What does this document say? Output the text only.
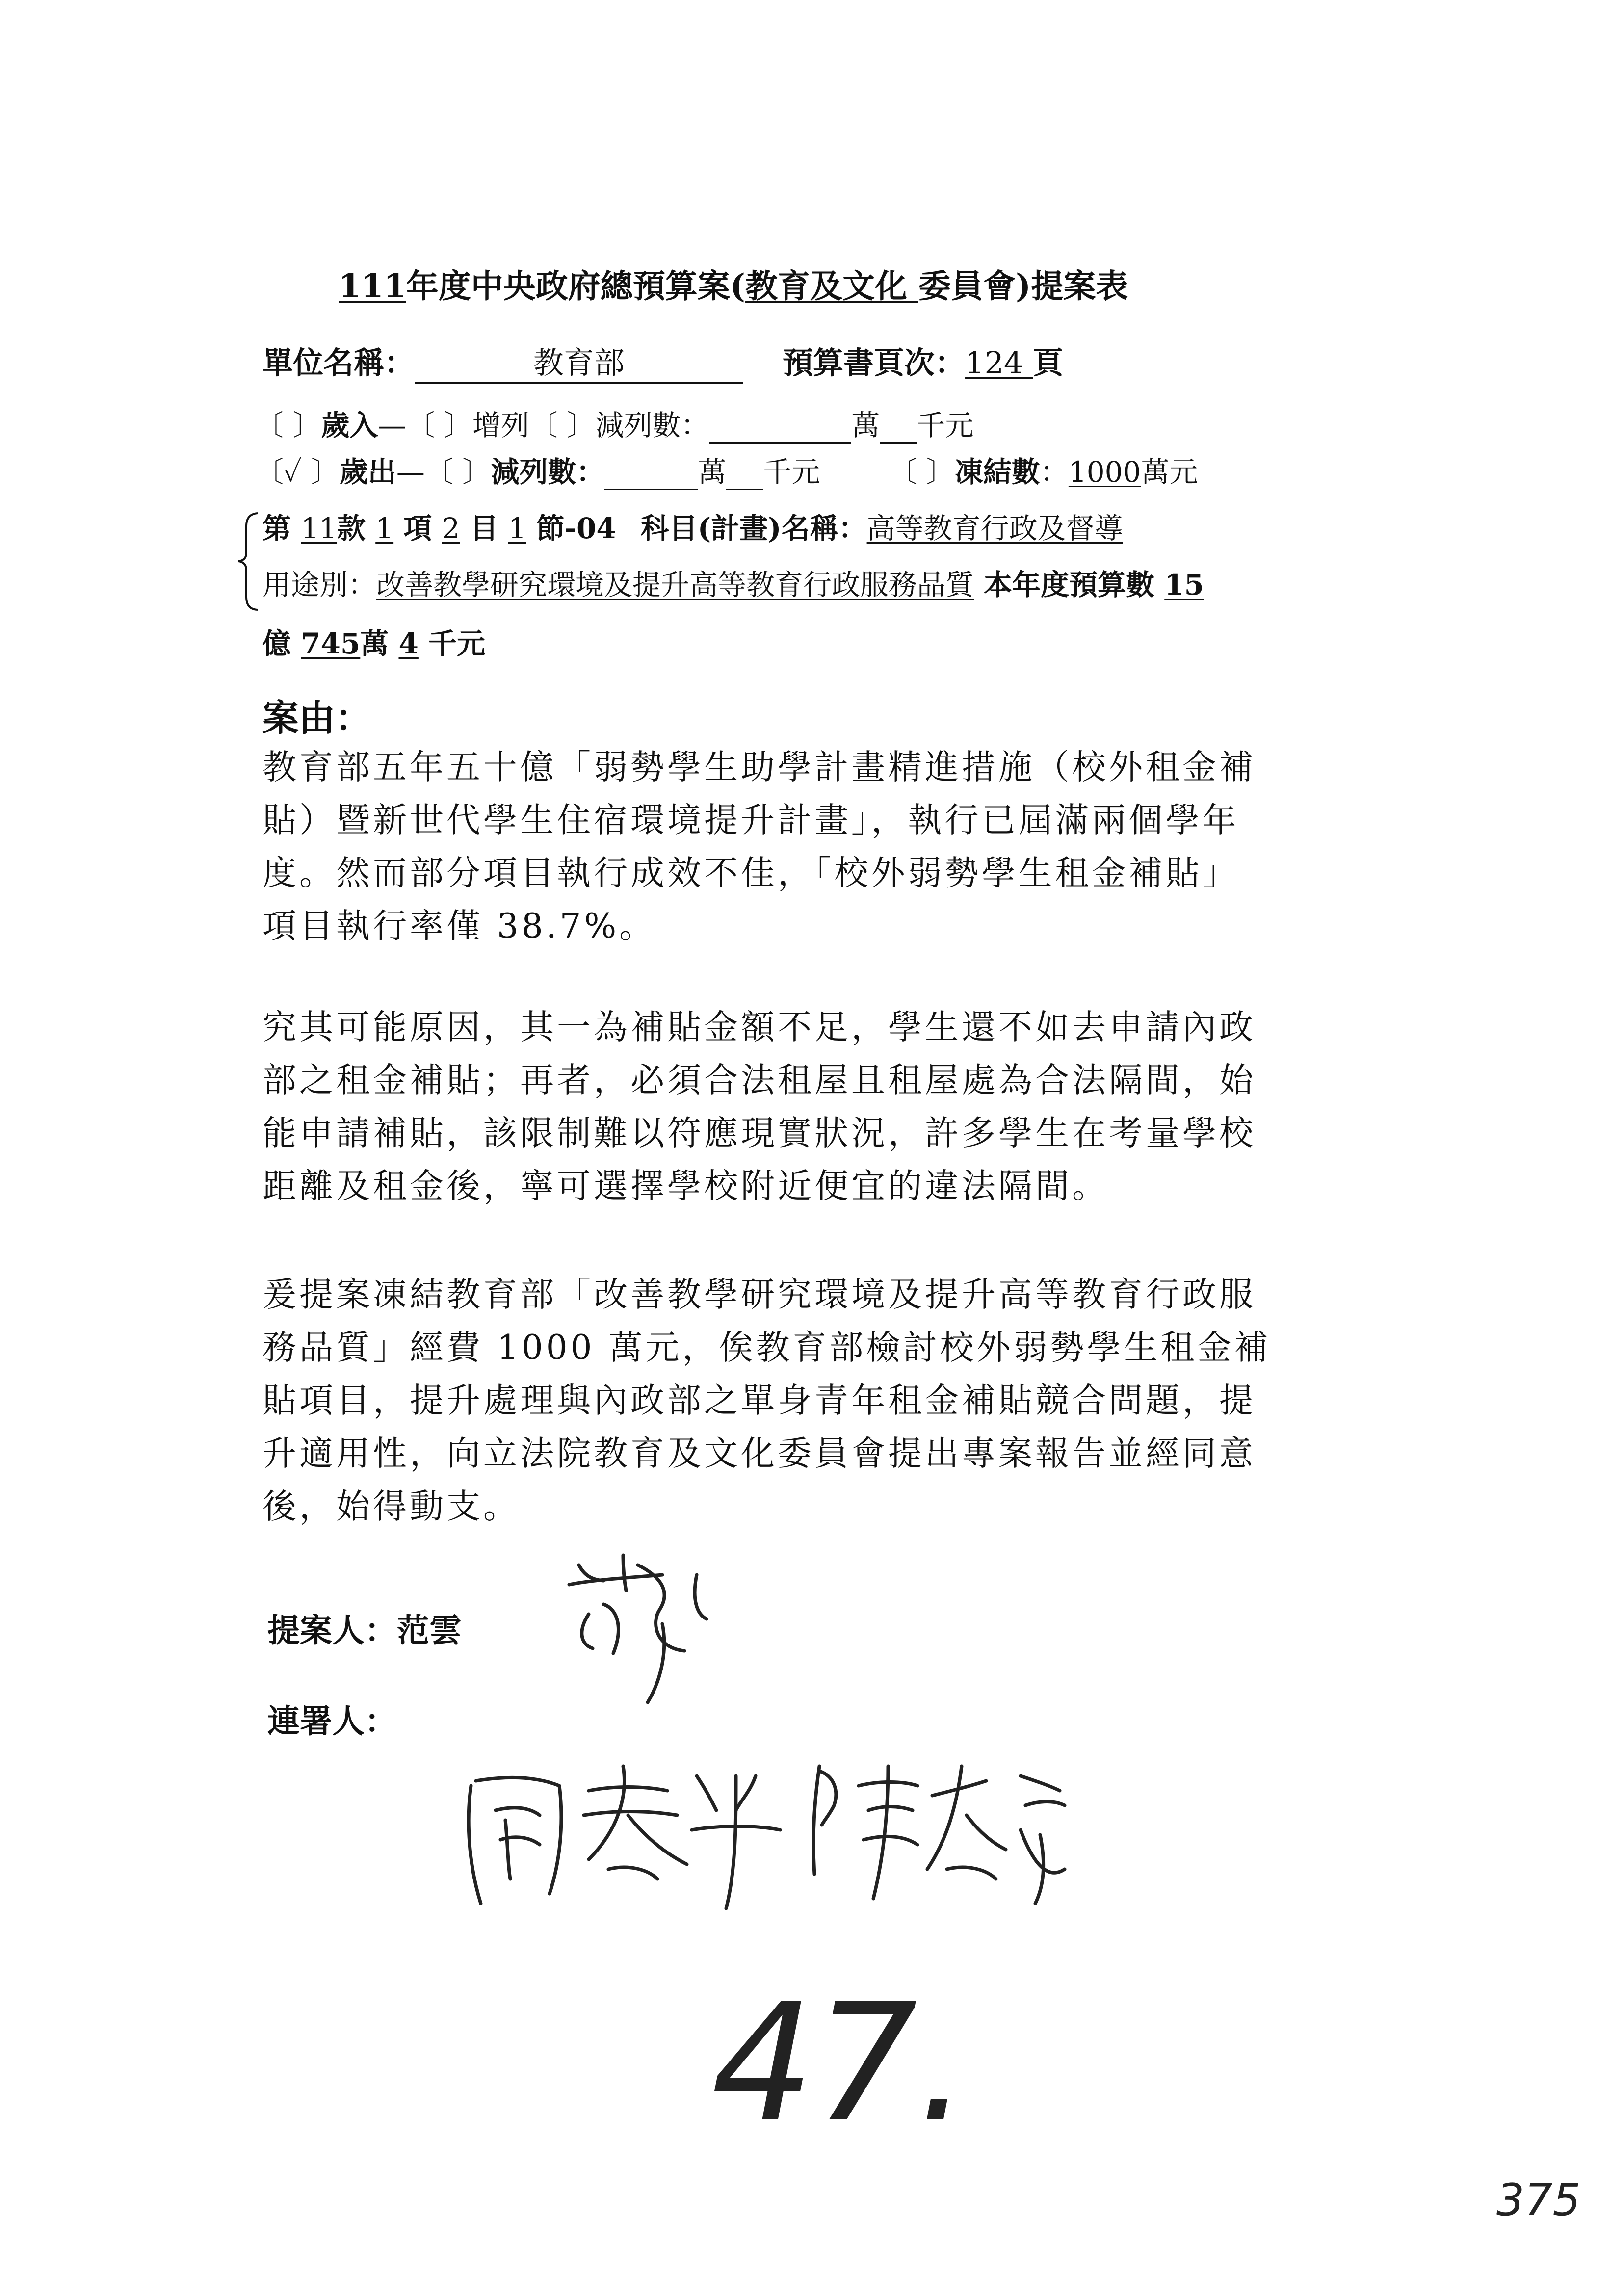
111年度中央政府總預算案(教育及文化 委員會)提案表
單位名稱：	教育部	預算書頁次：124 頁
〔 〕歲入—〔 〕增列〔 〕減列數：	萬 千元
〔✓ 〕歲出—〔 〕減列數：	萬 千元 〔 〕凍結數：1000萬元
第 11款 1 項 2 目 1 節-04 科目(計畫)名稱：高等教育行政及督導
用途別：改善教學研究環境及提升高等教育行政服務品質 本年度預算數 15
億 745萬 4 千元
案由：
教育部五年五十億「弱勢學生助學計畫精進措施（校外租金補
貼）暨新世代學生住宿環境提升計畫」，執行已屆滿兩個學年
度。然而部分項目執行成效不佳，「校外弱勢學生租金補貼」
項目執行率僅 38.7%。
究其可能原因，其一為補貼金額不足，學生還不如去申請內政
部之租金補貼；再者，必須合法租屋且租屋處為合法隔間，始
能申請補貼，該限制難以符應現實狀況，許多學生在考量學校
距離及租金後，寧可選擇學校附近便宜的違法隔間。
爰提案凍結教育部「改善教學研究環境及提升高等教育行政服
務品質」經費 1000 萬元，俟教育部檢討校外弱勢學生租金補
貼項目，提升處理與內政部之單身青年租金補貼競合問題，提
升適用性，向立法院教育及文化委員會提出專案報告並經同意
後，始得動支。
提案人：范雲
連署人：
47.
375
